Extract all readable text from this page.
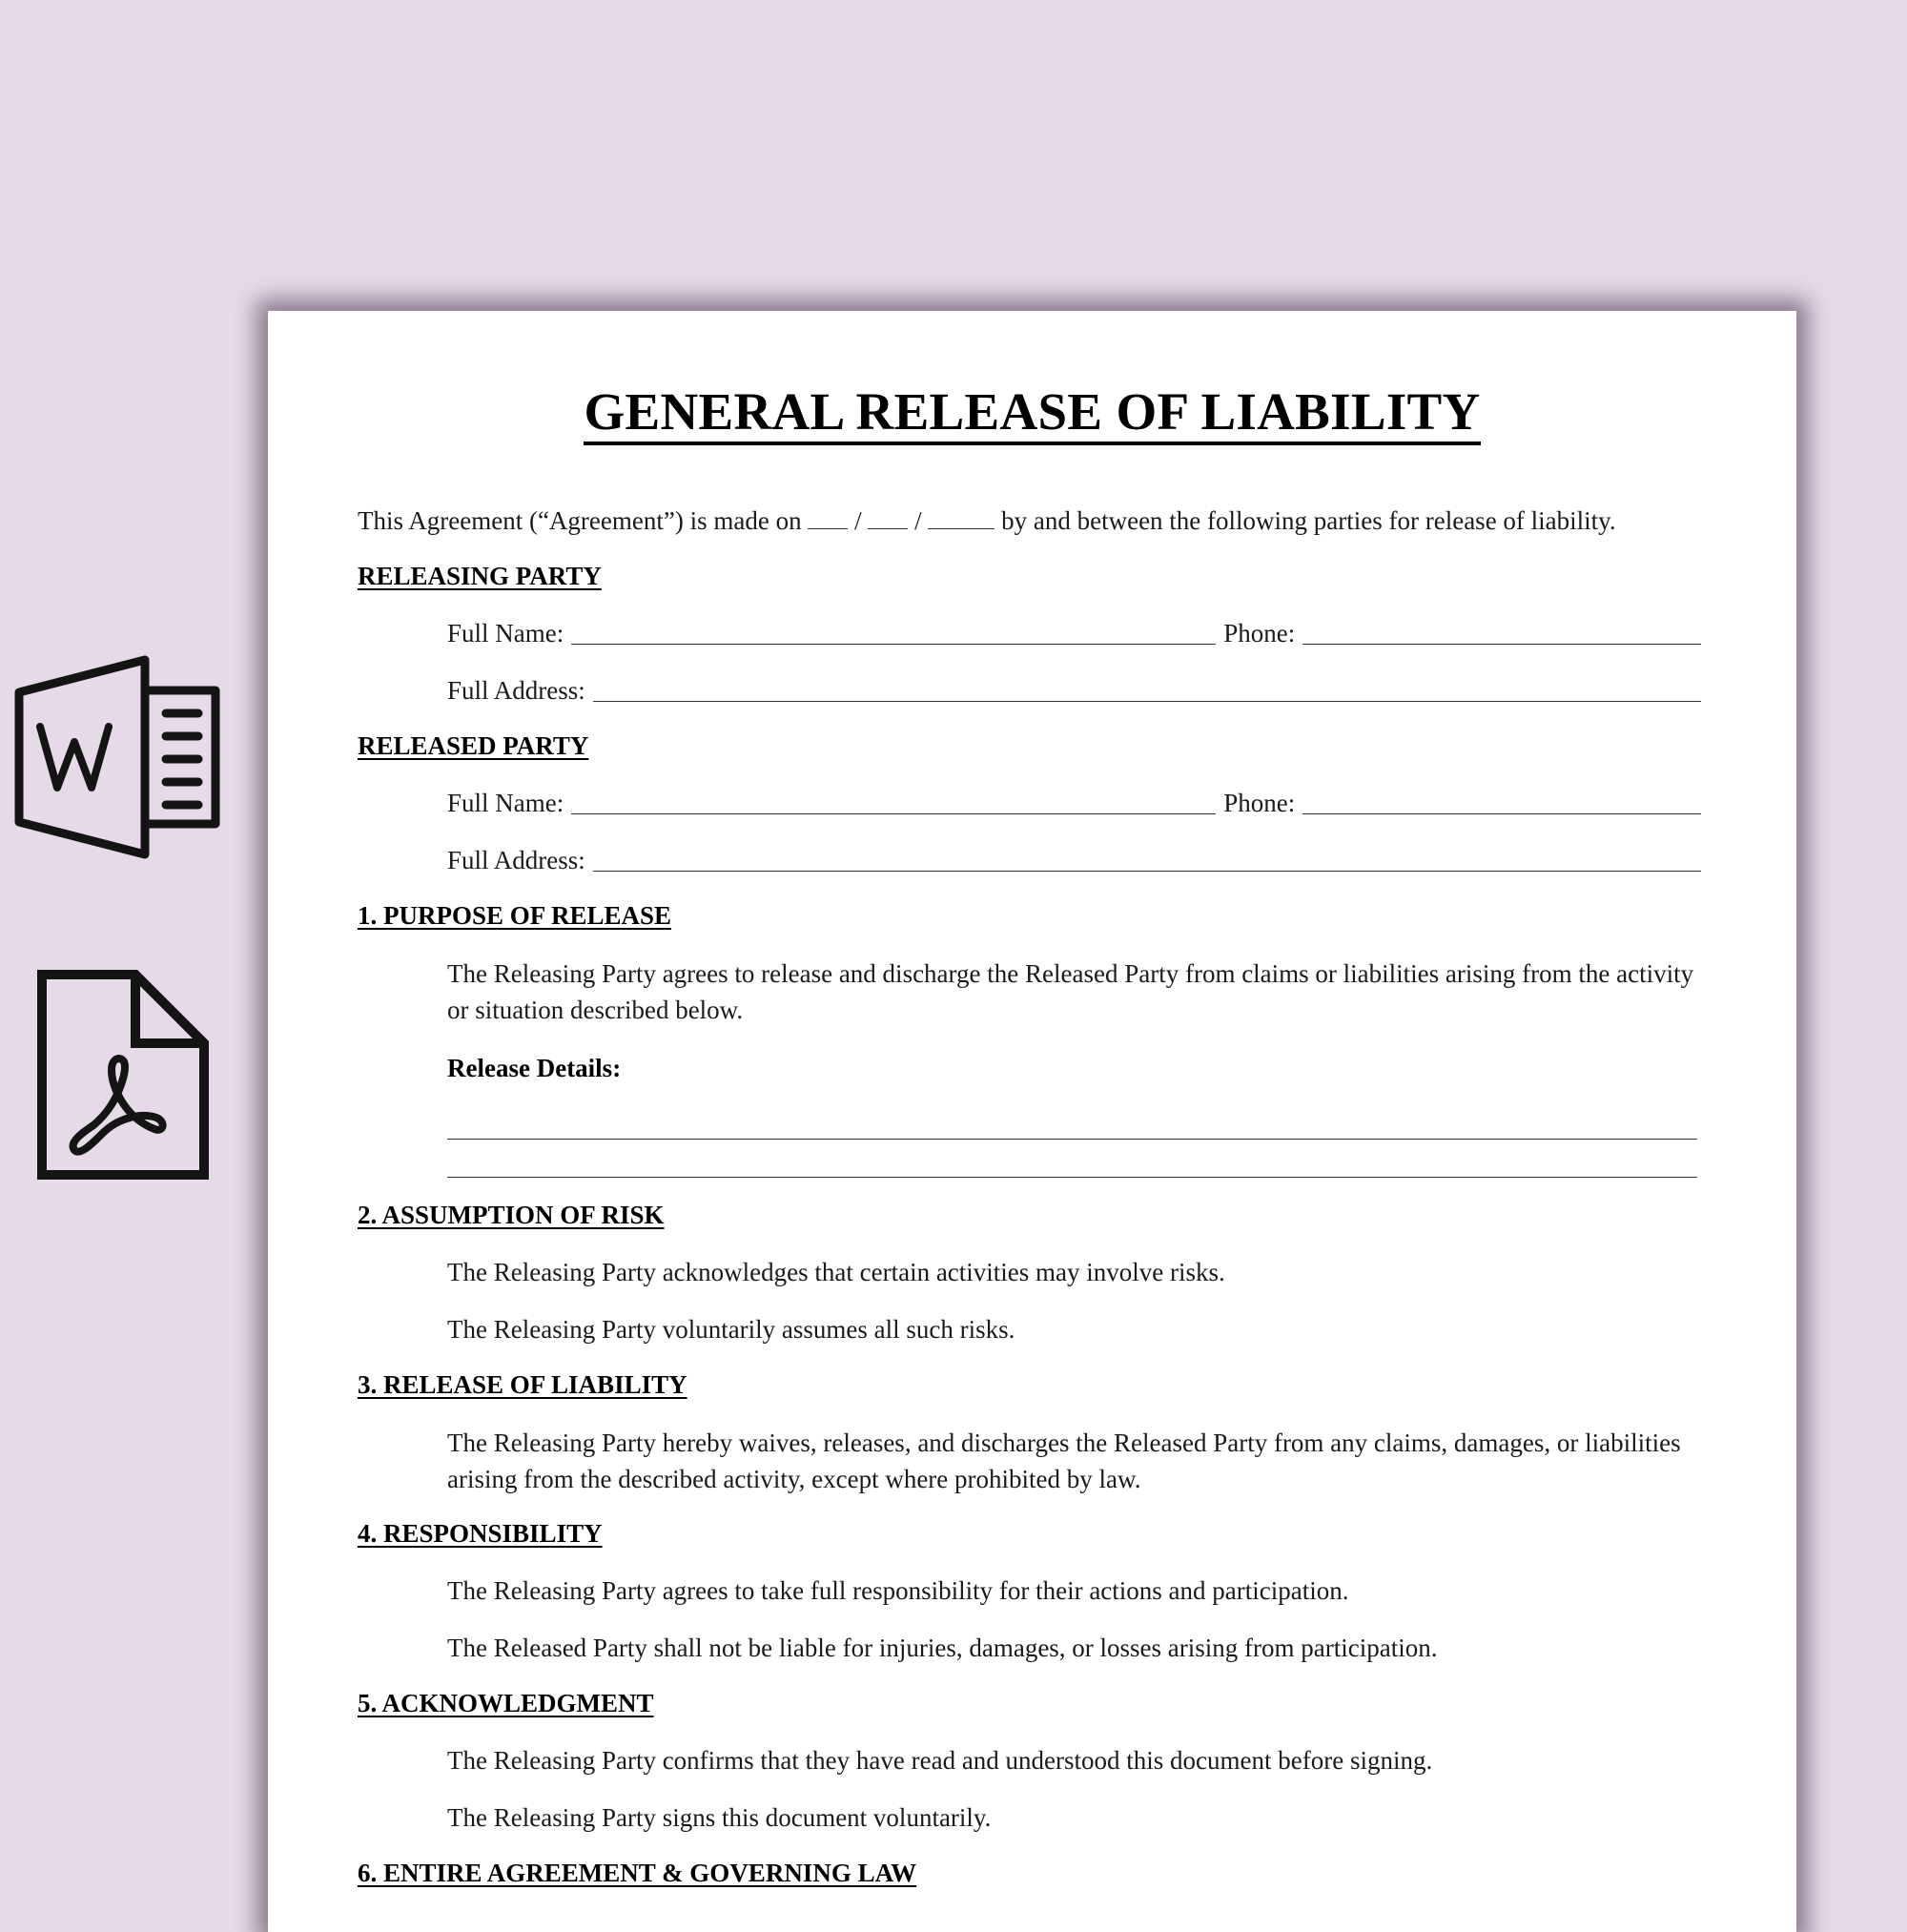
GENERAL RELEASE OF LIABILITY
This Agreement (“Agreement”) is made on / /	by and between the following parties for release of liability.
RELEASING PARTY
Full Name:	Phone:
Full Address:
RELEASED PARTY
Full Name:	Phone:
Full Address:
1. PURPOSE OF RELEASE
The Releasing Party agrees to release and discharge the Released Party from claims or liabilities arising from the activity or situation described below.
Release Details:
2. ASSUMPTION OF RISK
The Releasing Party acknowledges that certain activities may involve risks.
The Releasing Party voluntarily assumes all such risks.
3. RELEASE OF LIABILITY
The Releasing Party hereby waives, releases, and discharges the Released Party from any claims, damages, or liabilities arising from the described activity, except where prohibited by law.
4. RESPONSIBILITY
The Releasing Party agrees to take full responsibility for their actions and participation.
The Released Party shall not be liable for injuries, damages, or losses arising from participation.
5. ACKNOWLEDGMENT
The Releasing Party confirms that they have read and understood this document before signing.
The Releasing Party signs this document voluntarily.
6. ENTIRE AGREEMENT & GOVERNING LAW
